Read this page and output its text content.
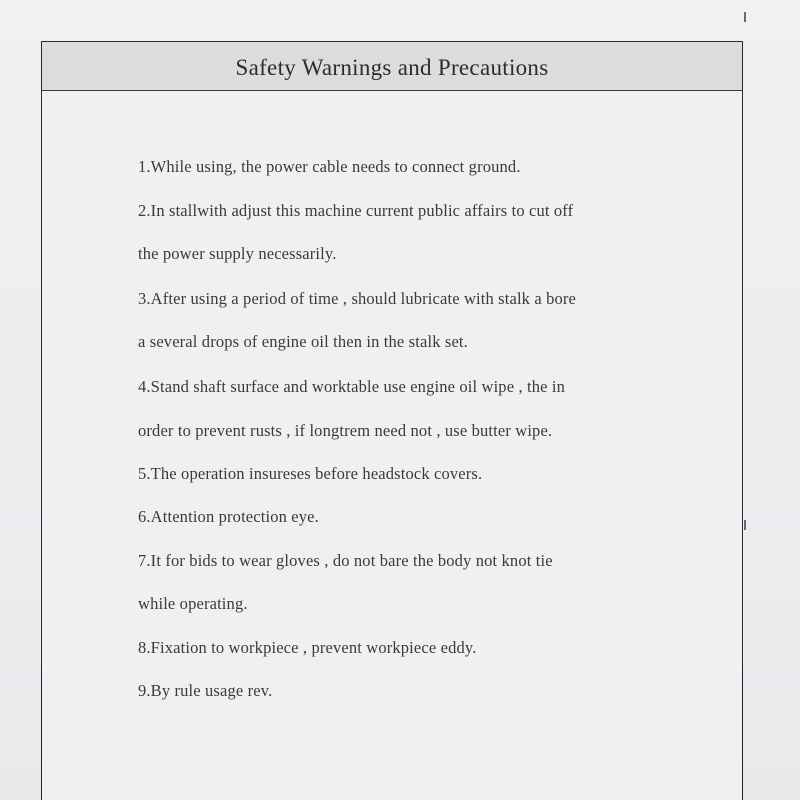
Safety Warnings and Precautions
1.While using, the power cable needs to connect ground.
2.In stallwith adjust this machine current public affairs to cut off
the power supply necessarily.
3.After using a period of time , should lubricate with stalk a bore
a several drops of engine oil then in the stalk set.
4.Stand shaft surface and worktable use engine oil wipe , the in
order to prevent rusts , if longtrem need not , use butter wipe.
5.The operation insureses before headstock covers.
6.Attention protection eye.
7.It for bids to wear gloves , do not bare the body not knot tie
while operating.
8.Fixation to workpiece , prevent workpiece eddy.
9.By rule usage rev.
